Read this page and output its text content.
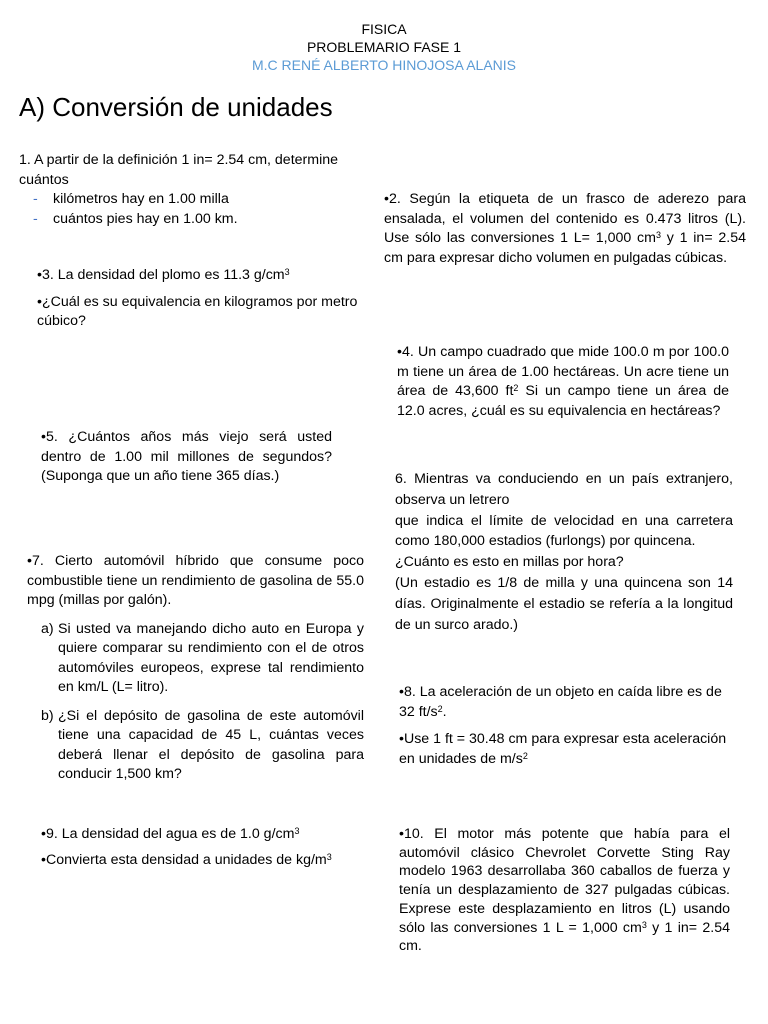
FISICA
PROBLEMARIO FASE 1
M.C RENÉ ALBERTO HINOJOSA ALANIS
A) Conversión de unidades

1. A partir de la definición 1 in= 2.54 cm, determine

cuántos

- kilómetros hay en 1.00 milla

- cuántos pies hay en 1.00 km.

•2. Según la etiqueta de un frasco de aderezo para ensalada, el volumen del contenido es 0.473 litros (L). Use sólo las conversiones 1 L= 1,000 $cm^3$ y 1 in= 2.54 cm para expresar dicho volumen en pulgadas cúbicas.

•3. La densidad del plomo es 11.3 $g/cm^3$

•¿Cuál es su equivalencia en kilogramos por metro cúbico?

•4. Un campo cuadrado que mide 100.0 m por 100.0 m tiene un área de 1.00 hectáreas. Un acre tiene un área de 43,600 $ft^2$ Si un campo tiene un área de 12.0 acres, ¿cuál es su equivalencia en hectáreas?

•5. ¿Cuántos años más viejo será usted dentro de 1.00 mil millones de segundos? (Suponga que un año tiene 365 días.)	6. Mientras va conduciendo en un país extranjero, observa un letrero

que indica el límite de velocidad en una carretera como 180,000 estadios (furlongs) por quincena.

¿Cuánto es esto en millas por hora?

(Un estadio es 1/8 de milla y una quincena son 14 días. Originalmente el estadio se refería a la longitud de un surco arado.)

•7. Cierto automóvil híbrido que consume poco combustible tiene un rendimiento de gasolina de 55.0 mpg (millas por galón).

a) Si usted va manejando dicho auto en Europa y quiere comparar su rendimiento con el de otros automóviles europeos, exprese tal rendimiento en km/L (L= litro).
b) ¿Si el depósito de gasolina de este automóvil tiene una capacidad de 45 L, cuántas veces deberá llenar el depósito de gasolina para conducir 1,500 km?

•8. La aceleración de un objeto en caída libre es de 32 $ft/s^2$.

•Use 1 ft = 30.48 cm para expresar esta aceleración en unidades de $m/s^2$

•9. La densidad del agua es de 1.0 $g/cm^3$

•Convierta esta densidad a unidades de $kg/m^3$

•10. El motor más potente que había para el automóvil clásico Chevrolet Corvette Sting Ray modelo 1963 desarrollaba 360 caballos de fuerza y tenía un desplazamiento de 327 pulgadas cúbicas. Exprese este desplazamiento en litros (L) usando sólo las conversiones 1 L = 1,000 $cm^3$ y 1 in= 2.54 cm.
